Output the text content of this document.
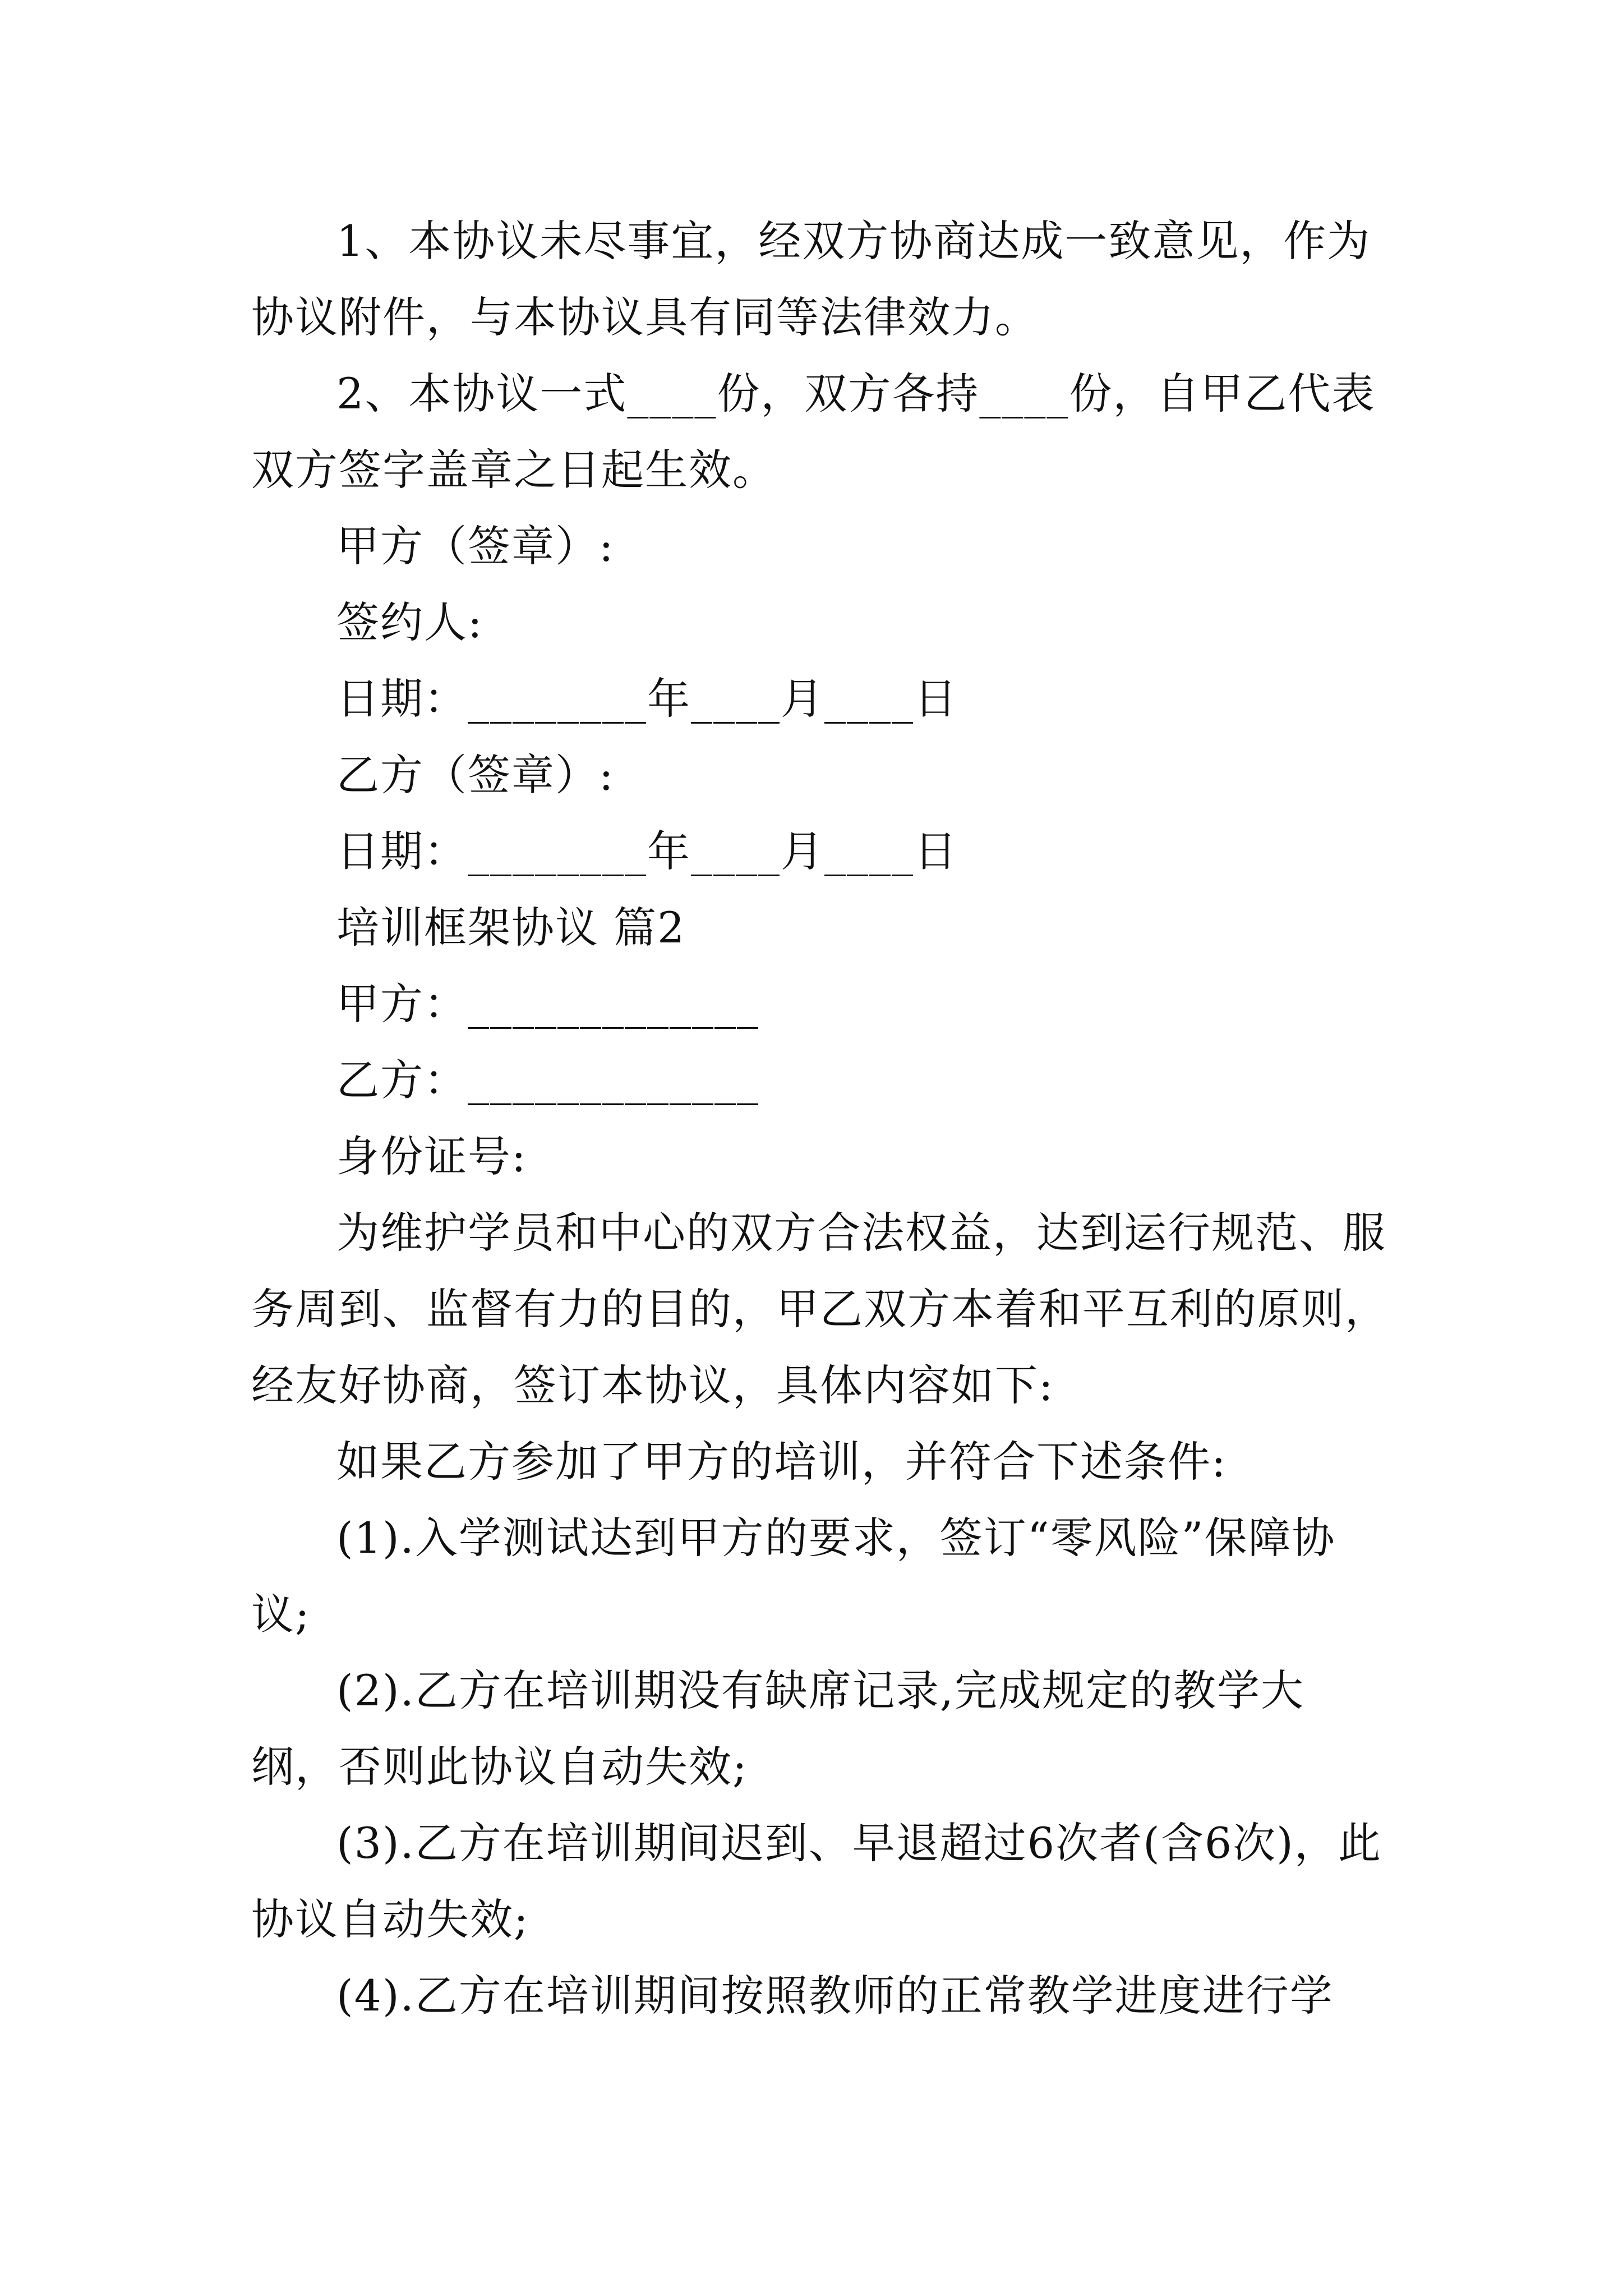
1、本协议未尽事宜，经双方协商达成一致意见，作为协议附件，与本协议具有同等法律效力。

2、本协议一式____份，双方各持____份，自甲乙代表双方签字盖章之日起生效。

甲方（签章）:

签约人:

日期：________年____月____日

乙方（签章）:

日期：________年____月____日

培训框架协议 篇2

甲方：_____________

乙方：_____________

身份证号:

为维护学员和中心的双方合法权益，达到运行规范、服务周到、监督有力的目的，甲乙双方本着和平互利的原则，经友好协商，签订本协议，具体内容如下:

如果乙方参加了甲方的培训，并符合下述条件:

(1).入学测试达到甲方的要求，签订“零风险”保障协议;

(2).乙方在培训期没有缺席记录,完成规定的教学大纲，否则此协议自动失效;

(3).乙方在培训期间迟到、早退超过6次者(含6次)，此协议自动失效;

(4).乙方在培训期间按照教师的正常教学进度进行学
